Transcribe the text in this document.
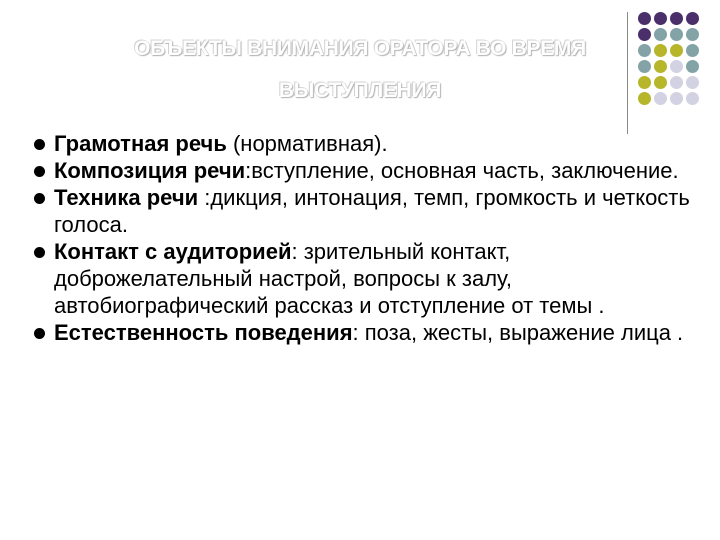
ОБЪЕКТЫ ВНИМАНИЯ ОРАТОРА ВО ВРЕМЯ
ВЫСТУПЛЕНИЯ
Грамотная речь (нормативная).
Композиция речи:вступление, основная часть, заключение.
Техника речи :дикция, интонация, темп, громкость и четкость голоса.
Контакт с аудиторией: зрительный контакт, доброжелательный настрой, вопросы к залу, автобиографический рассказ и отступление от темы .
Естественность поведения: поза, жесты, выражение лица .
